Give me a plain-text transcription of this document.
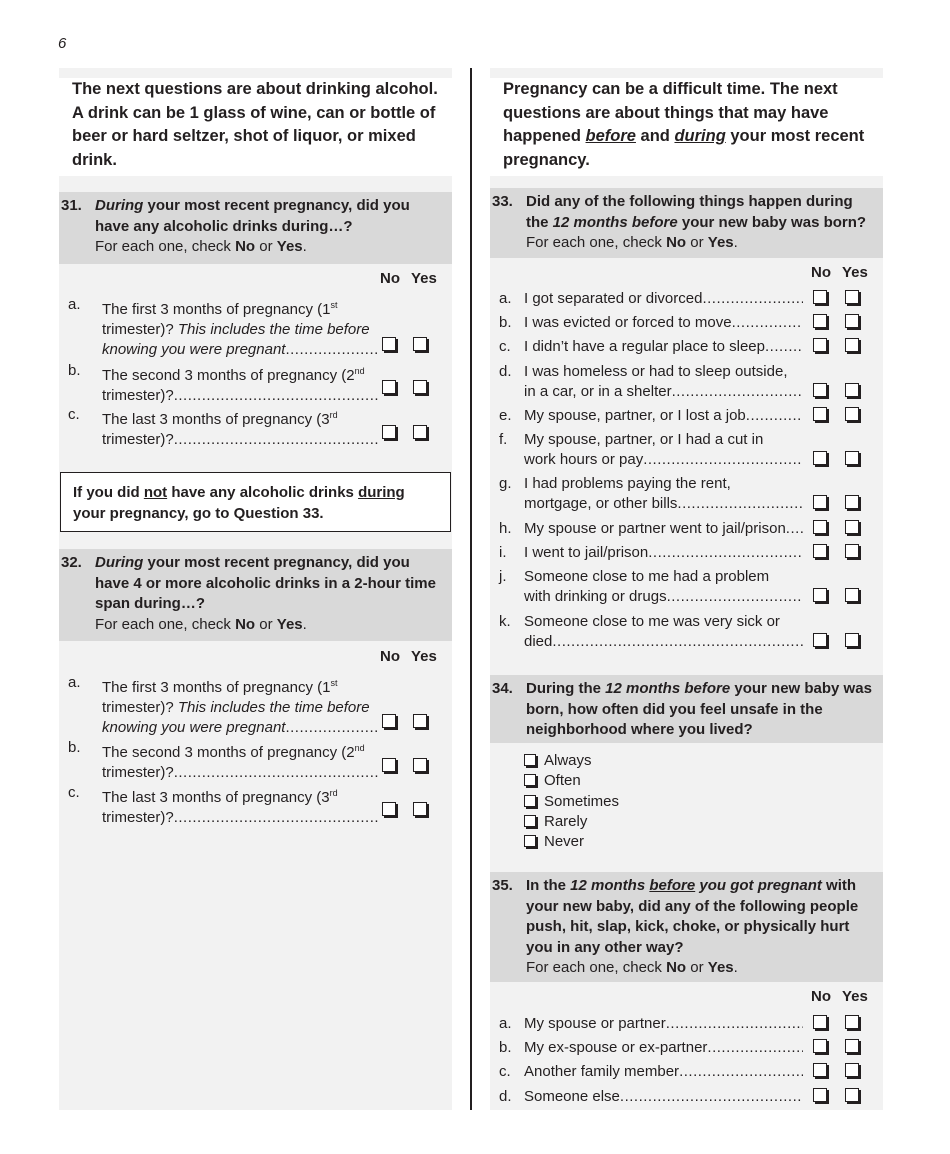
6
The next questions are about drinking alcohol. A drink can be 1 glass of wine, can or bottle of beer or hard seltzer, shot of liquor, or mixed drink.
31. During your most recent pregnancy, did you have any alcoholic drinks during…?
For each one, check No or Yes.
No Yes
a. The first 3 months of pregnancy (1st
trimester)? This includes the time before
knowing you were pregnant
.....
b. The second 3 months of pregnancy (2nd
trimester)?
.....
c. The last 3 months of pregnancy (3rd
trimester)?
.....
If you did not have any alcoholic drinks during
your pregnancy, go to Question 33.
32. During your most recent pregnancy, did you have 4 or more alcoholic drinks in a 2-hour time span during…?
For each one, check No or Yes.
No Yes
a. The first 3 months of pregnancy (1st
trimester)? This includes the time before
knowing you were pregnant
.....
b. The second 3 months of pregnancy (2nd
trimester)?
.....
c. The last 3 months of pregnancy (3rd
trimester)?
.....
Pregnancy can be a difficult time. The next questions are about things that may have happened before and during your most recent pregnancy.
33. Did any of the following things happen during the 12 months before your new baby was born? For each one, check No or Yes.
No Yes
a. I got separated or divorced
.....
b. I was evicted or forced to move
.....
c. I didn’t have a regular place to sleep
.....
d. I was homeless or had to sleep outside,
in a car, or in a shelter
.....
e. My spouse, partner, or I lost a job
.....
f. My spouse, partner, or I had a cut in
work hours or pay
.....
g. I had problems paying the rent,
mortgage, or other bills
.....
h. My spouse or partner went to jail/prison
.....
i. I went to jail/prison
.....
j. Someone close to me had a problem
with drinking or drugs
.....
k. Someone close to me was very sick or
died
.....
34. During the 12 months before your new baby was born, how often did you feel unsafe in the neighborhood where you lived?
Always
Often
Sometimes
Rarely
Never
35. In the 12 months before you got pregnant with your new baby, did any of the following people push, hit, slap, kick, choke, or physically hurt you in any other way?
For each one, check No or Yes.
No Yes
a. My spouse or partner
.....
b. My ex-spouse or ex-partner
.....
c. Another family member
.....
d. Someone else
.....
